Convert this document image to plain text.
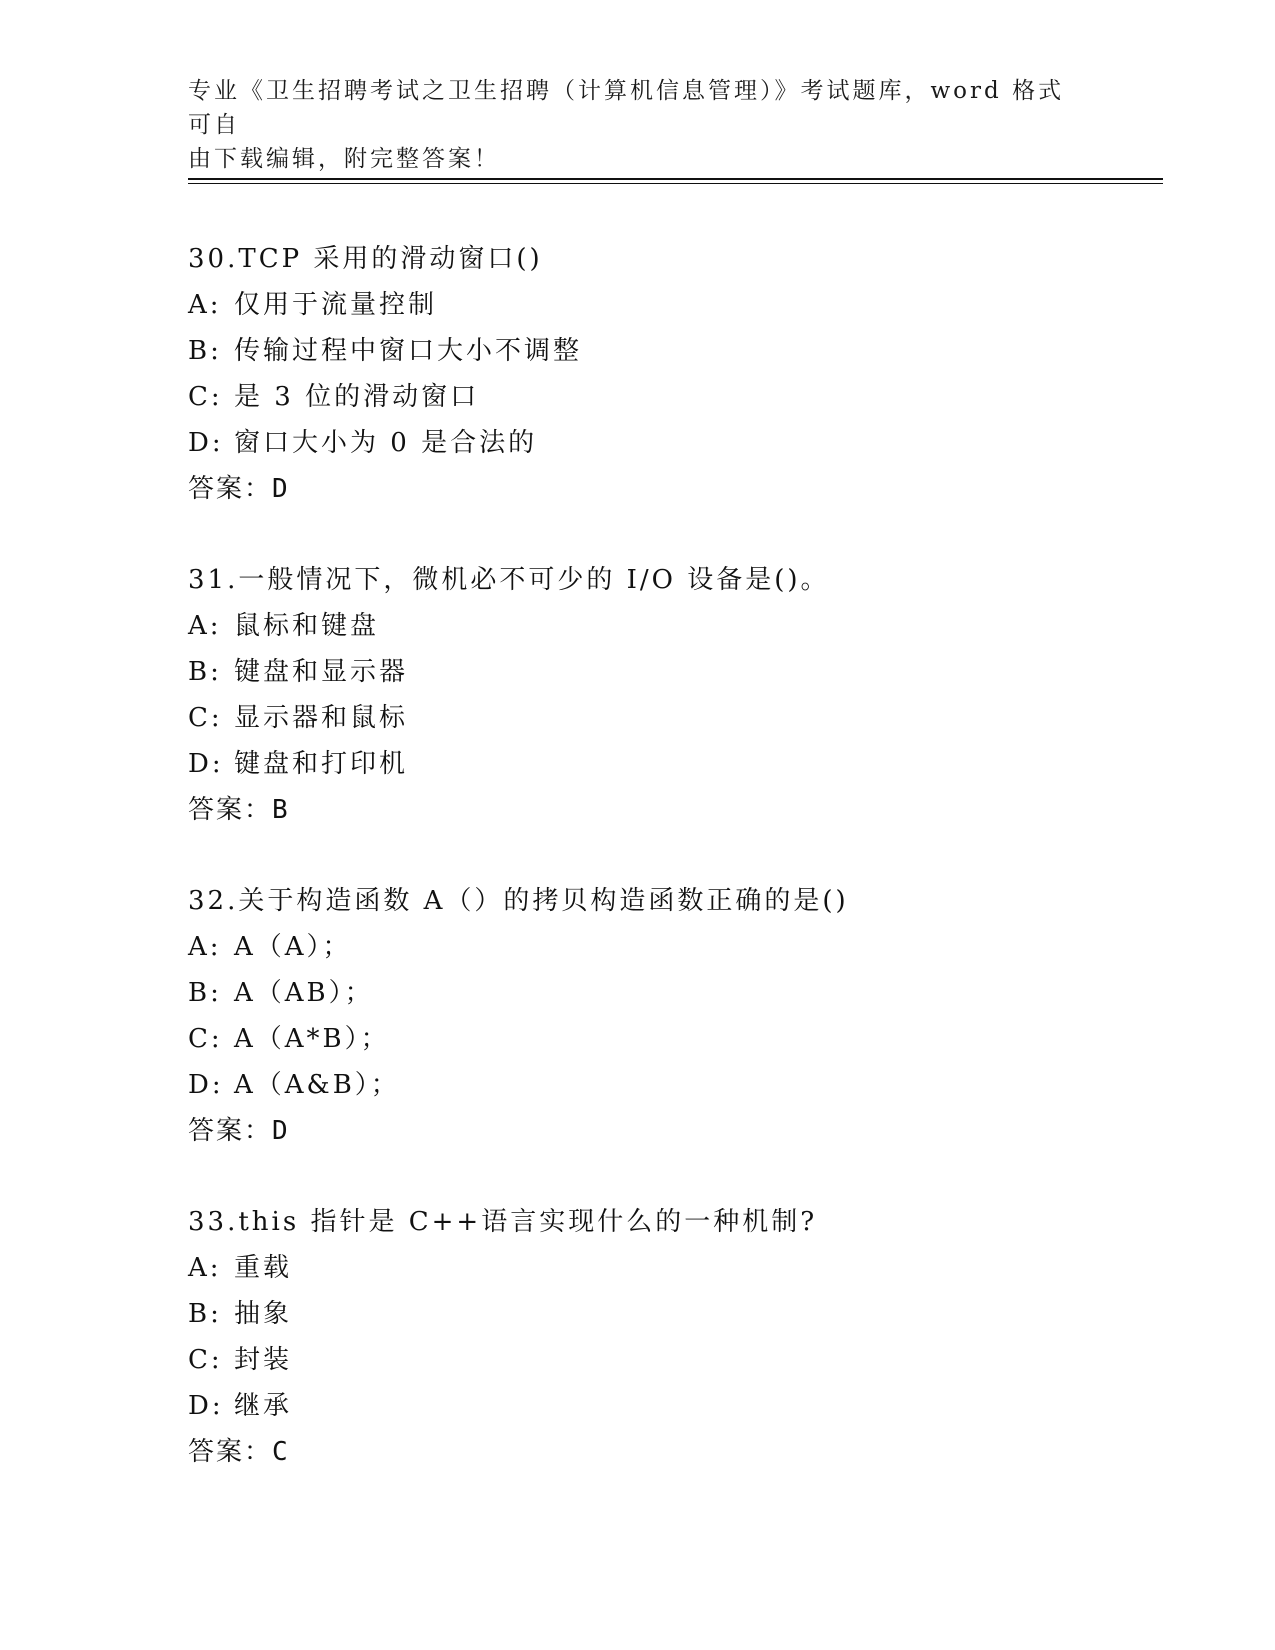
专业《卫生招聘考试之卫生招聘（计算机信息管理）》考试题库，word 格式可自
由下载编辑，附完整答案！
30.TCP 采用的滑动窗口()
A: 仅用于流量控制
B: 传输过程中窗口大小不调整
C: 是 3 位的滑动窗口
D: 窗口大小为 0 是合法的
答案：D
31.一般情况下，微机必不可少的 I/O 设备是()。
A: 鼠标和键盘
B: 键盘和显示器
C: 显示器和鼠标
D: 键盘和打印机
答案：B
32.关于构造函数 A（）的拷贝构造函数正确的是()
A: A（A）；
B: A（AB）；
C: A（A*B）；
D: A（A&B）；
答案：D
33.this 指针是 C++语言实现什么的一种机制?
A: 重载
B: 抽象
C: 封装
D: 继承
答案：C
